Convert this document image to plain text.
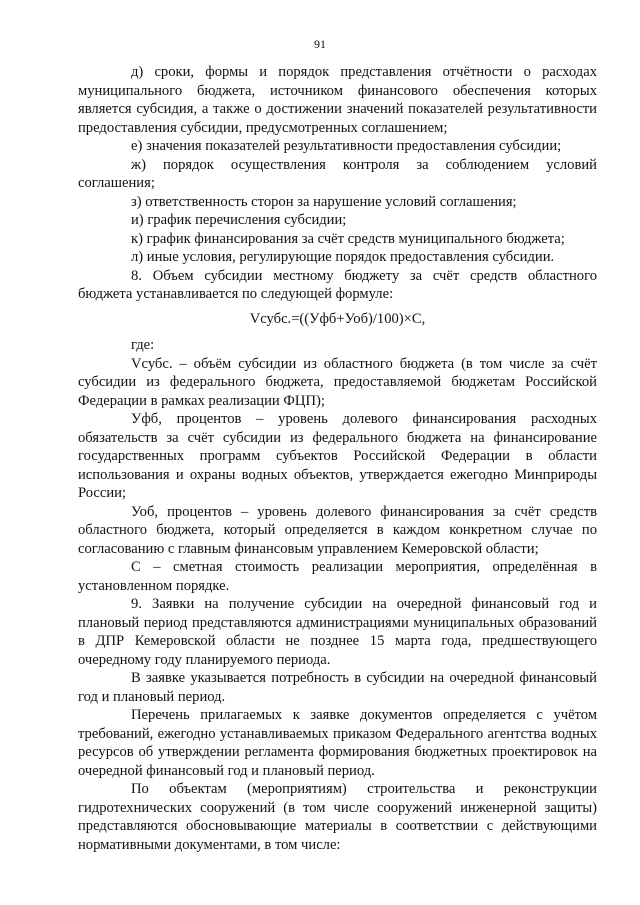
91

д) сроки, формы и порядок представления отчётности о расходах муниципального бюджета, источником финансового обеспечения которых является субсидия, а также о достижении значений показателей результативности предоставления субсидии, предусмотренных соглашением;

е) значения показателей результативности предоставления субсидии;

ж) порядок осуществления контроля за соблюдением условий соглашения;

з) ответственность сторон за нарушение условий соглашения;

и) график перечисления субсидии;

к) график финансирования за счёт средств муниципального бюджета;

л) иные условия, регулирующие порядок предоставления субсидии.

8. Объем субсидии местному бюджету за счёт средств областного бюджета устанавливается по следующей формуле:

Vсубс.=((Уфб+Уоб)/100)×С,

где:

Vсубс. – объём субсидии из областного бюджета (в том числе за счёт субсидии из федерального бюджета, предоставляемой бюджетам Российской Федерации в рамках реализации ФЦП);

Уфб, процентов – уровень долевого финансирования расходных обязательств за счёт субсидии из федерального бюджета на финансирование государственных программ субъектов Российской Федерации в области использования и охраны водных объектов, утверждается ежегодно Минприроды России;

Уоб, процентов – уровень долевого финансирования за счёт средств областного бюджета, который определяется в каждом конкретном случае по согласованию с главным финансовым управлением Кемеровской области;

С – сметная стоимость реализации мероприятия, определённая в установленном порядке.

9. Заявки на получение субсидии на очередной финансовый год и плановый период представляются администрациями муниципальных образований в ДПР Кемеровской области не позднее 15 марта года, предшествующего очередному году планируемого периода.

В заявке указывается потребность в субсидии на очередной финансовый год и плановый период.

Перечень прилагаемых к заявке документов определяется с учётом требований, ежегодно устанавливаемых приказом Федерального агентства водных ресурсов об утверждении регламента формирования бюджетных проектировок на очередной финансовый год и плановый период.

По объектам (мероприятиям) строительства и реконструкции гидротехнических сооружений (в том числе сооружений инженерной защиты) представляются обосновывающие материалы в соответствии с действующими нормативными документами, в том числе:
